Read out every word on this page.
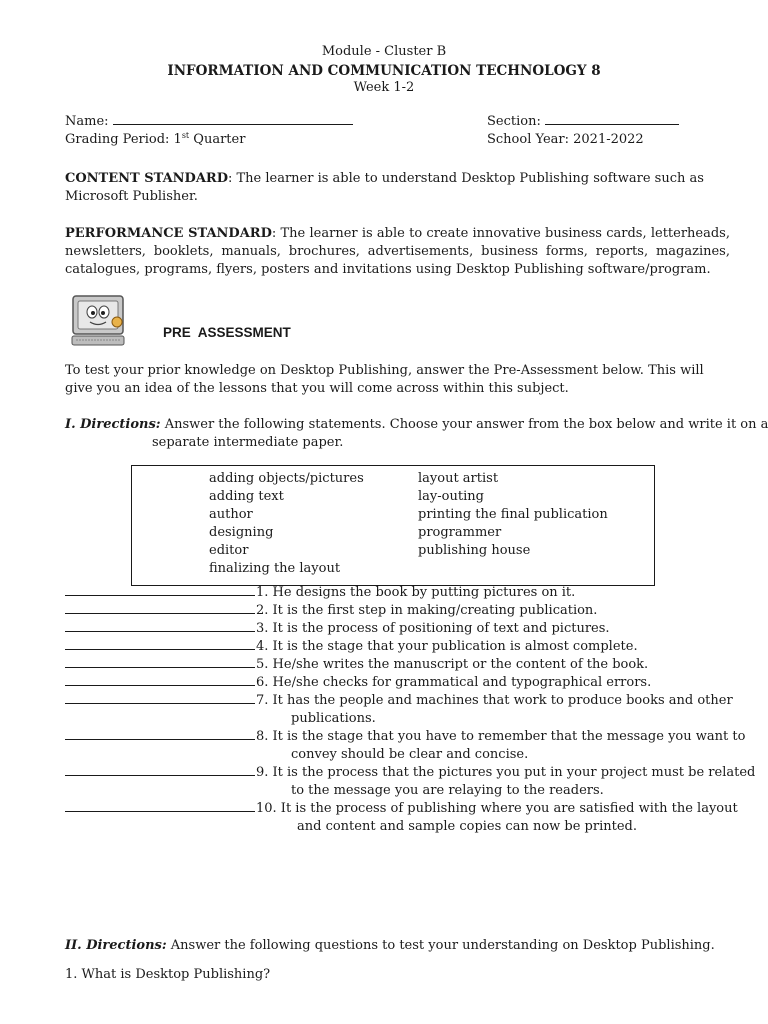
Module - Cluster B
INFORMATION AND COMMUNICATION TECHNOLOGY 8
Week 1-2
Name:	Section:
Grading Period: 1st Quarter	School Year: 2021-2022
CONTENT STANDARD: The learner is able to understand Desktop Publishing software such as Microsoft Publisher.
PERFORMANCE STANDARD: The learner is able to create innovative business cards, letterheads, newsletters, booklets, manuals, brochures, advertisements, business forms, reports, magazines, catalogues, programs, flyers, posters and invitations using Desktop Publishing software/program.
PRE  ASSESSMENT
To test your prior knowledge on Desktop Publishing, answer the Pre-Assessment below. This will give you an idea of the lessons that you will come across within this subject.
I. Directions: Answer the following statements. Choose your answer from the box below and write it on a
separate intermediate paper.
adding objects/pictures
adding text
author
designing
editor
finalizing the layout
layout artist
lay-outing
printing the final publication
programmer
publishing house
1. He designs the book by putting pictures on it.
2. It is the first step in making/creating publication.
3. It is the process of positioning of text and pictures.
4. It is the stage that your publication is almost complete.
5. He/she writes the manuscript or the content of the book.
6. He/she checks for grammatical and typographical errors.
7. It has the people and machines that work to produce books and other
publications.
8. It is the stage that you have to remember that the message you want to
convey should be clear and concise.
9. It is the process that the pictures you put in your project must be related
to the message you are relaying to the readers.
10. It is the process of publishing where you are satisfied with the layout
and content and sample copies can now be printed.
II. Directions: Answer the following questions to test your understanding on Desktop Publishing.
1. What is Desktop Publishing?
